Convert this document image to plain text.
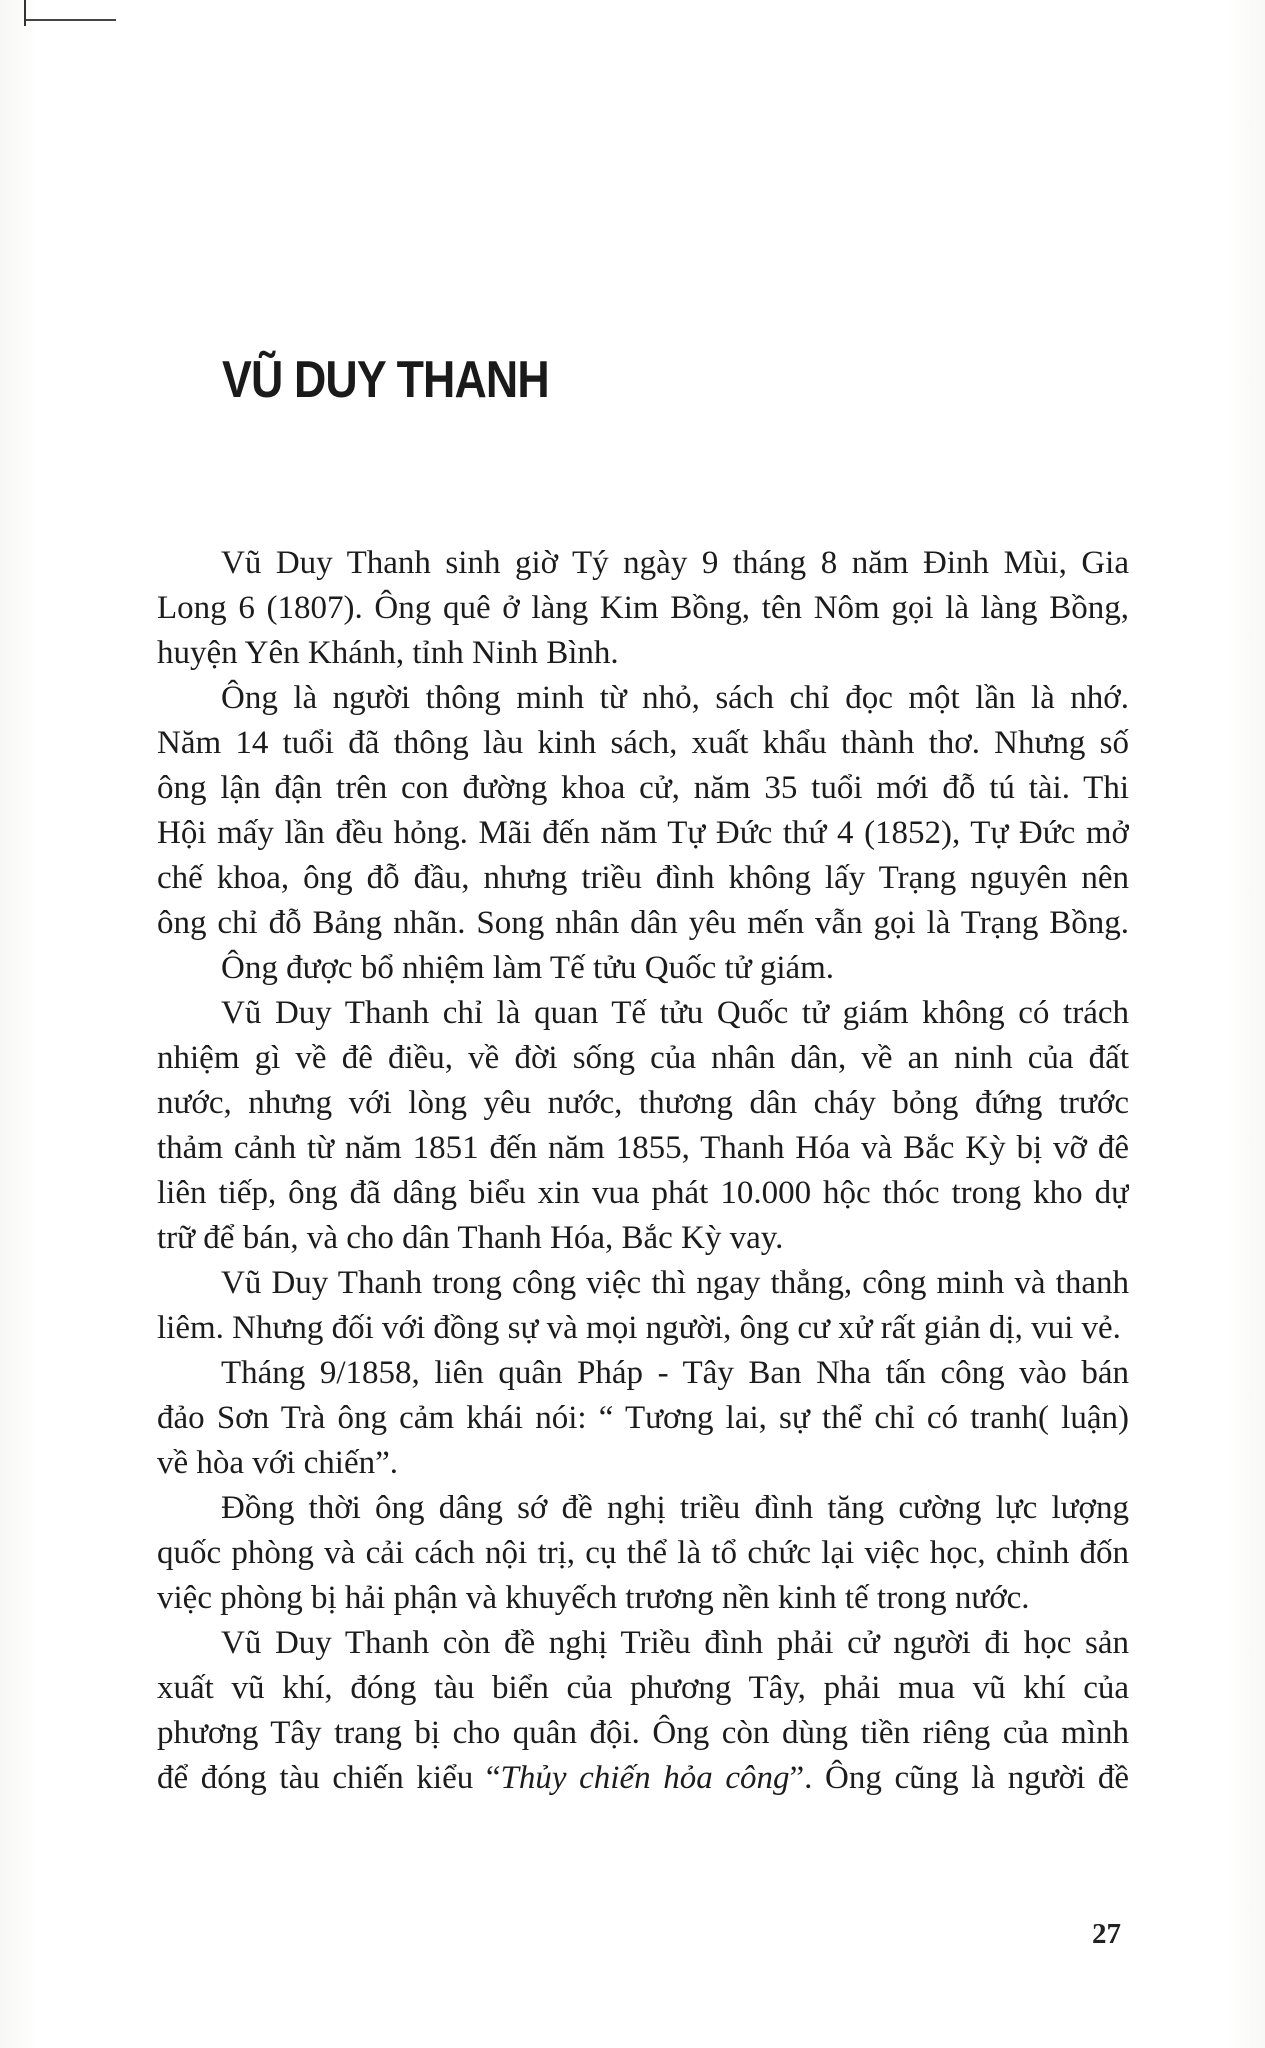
VŨ DUY THANH
Vũ Duy Thanh sinh giờ Tý ngày 9 tháng 8 năm Đinh Mùi, Gia
Long 6 (1807). Ông quê ở làng Kim Bồng, tên Nôm gọi là làng Bồng,
huyện Yên Khánh, tỉnh Ninh Bình.
Ông là người thông minh từ nhỏ, sách chỉ đọc một lần là nhớ.
Năm 14 tuổi đã thông làu kinh sách, xuất khẩu thành thơ. Nhưng số
ông lận đận trên con đường khoa cử, năm 35 tuổi mới đỗ tú tài. Thi
Hội mấy lần đều hỏng. Mãi đến năm Tự Đức thứ 4 (1852), Tự Đức mở
chế khoa, ông đỗ đầu, nhưng triều đình không lấy Trạng nguyên nên
ông chỉ đỗ Bảng nhãn. Song nhân dân yêu mến vẫn gọi là Trạng Bồng.
Ông được bổ nhiệm làm Tế tửu Quốc tử giám.
Vũ Duy Thanh chỉ là quan Tế tửu Quốc tử giám không có trách
nhiệm gì về đê điều, về đời sống của nhân dân, về an ninh của đất
nước, nhưng với lòng yêu nước, thương dân cháy bỏng đứng trước
thảm cảnh từ năm 1851 đến năm 1855, Thanh Hóa và Bắc Kỳ bị vỡ đê
liên tiếp, ông đã dâng biểu xin vua phát 10.000 hộc thóc trong kho dự
trữ để bán, và cho dân Thanh Hóa, Bắc Kỳ vay.
Vũ Duy Thanh trong công việc thì ngay thẳng, công minh và thanh
liêm. Nhưng đối với đồng sự và mọi người, ông cư xử rất giản dị, vui vẻ.
Tháng 9/1858, liên quân Pháp - Tây Ban Nha tấn công vào bán
đảo Sơn Trà ông cảm khái nói: “ Tương lai, sự thể chỉ có tranh( luận)
về hòa với chiến”.
Đồng thời ông dâng sớ đề nghị triều đình tăng cường lực lượng
quốc phòng và cải cách nội trị, cụ thể là tổ chức lại việc học, chỉnh đốn
việc phòng bị hải phận và khuyếch trương nền kinh tế trong nước.
Vũ Duy Thanh còn đề nghị Triều đình phải cử người đi học sản
xuất vũ khí, đóng tàu biển của phương Tây, phải mua vũ khí của
phương Tây trang bị cho quân đội. Ông còn dùng tiền riêng của mình
để đóng tàu chiến kiểu “Thủy chiến hỏa công”. Ông cũng là người đề
27
